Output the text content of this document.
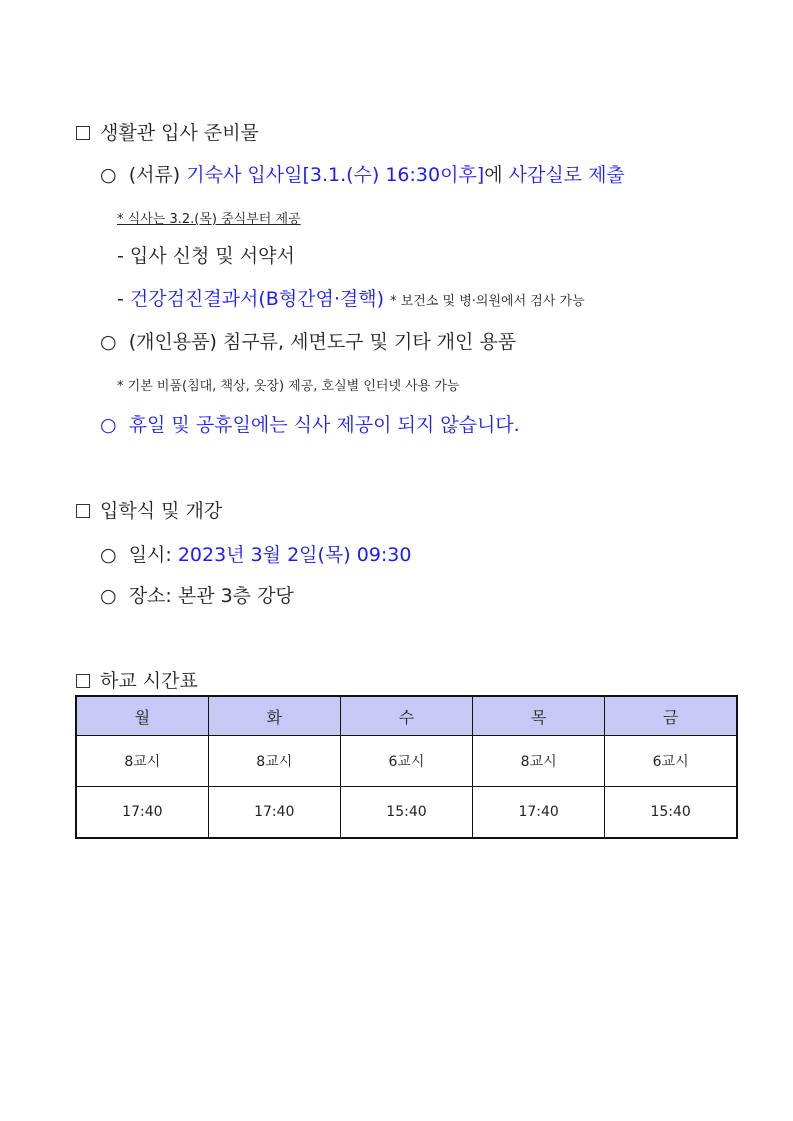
생활관 입사 준비물
○ (서류) 기숙사 입사일[3.1.(수) 16:30이후]에 사감실로 제출
* 식사는 3.2.(목) 중식부터 제공
- 입사 신청 및 서약서
- 건강검진결과서(B형간염·결핵) * 보건소 및 병·의원에서 검사 가능
○ (개인용품) 침구류, 세면도구 및 기타 개인 용품
* 기본 비품(침대, 책상, 옷장) 제공, 호실별 인터넷 사용 가능
○ 휴일 및 공휴일에는 식사 제공이 되지 않습니다.
입학식 및 개강
○ 일시: 2023년 3월 2일(목) 09:30
○ 장소: 본관 3층 강당
하교 시간표
월	화	수	목	금
8교시	8교시	6교시	8교시	6교시
17:40	17:40	15:40	17:40	15:40
